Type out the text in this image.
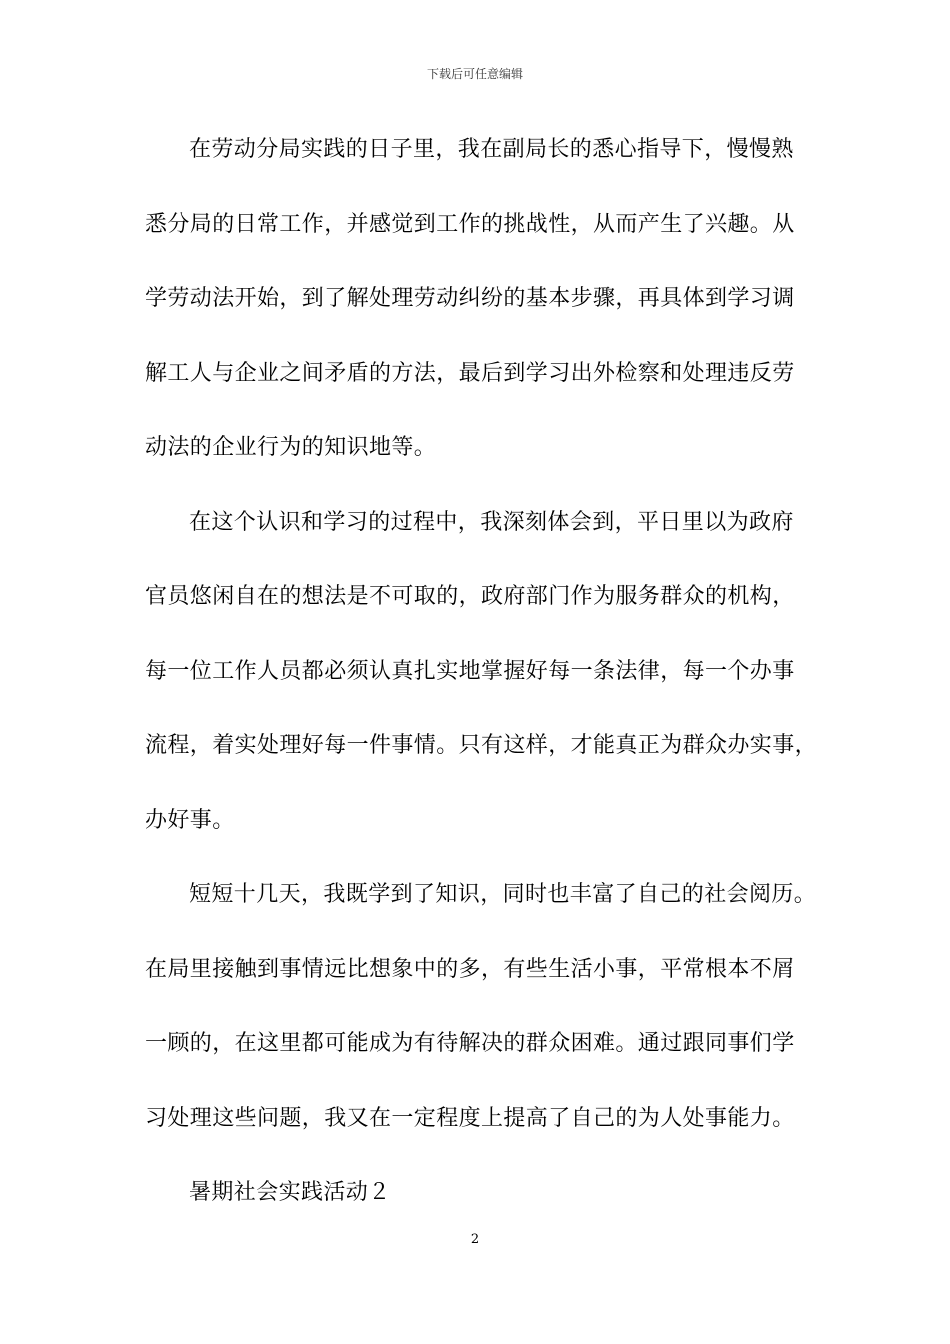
下载后可任意编辑
在劳动分局实践的日子里，我在副局长的悉心指导下，慢慢熟
悉分局的日常工作，并感觉到工作的挑战性，从而产生了兴趣。从
学劳动法开始，到了解处理劳动纠纷的基本步骤，再具体到学习调
解工人与企业之间矛盾的方法，最后到学习出外检察和处理违反劳
动法的企业行为的知识地等。
在这个认识和学习的过程中，我深刻体会到，平日里以为政府
官员悠闲自在的想法是不可取的，政府部门作为服务群众的机构，
每一位工作人员都必须认真扎实地掌握好每一条法律，每一个办事
流程，着实处理好每一件事情。只有这样，才能真正为群众办实事，
办好事。
短短十几天，我既学到了知识，同时也丰富了自己的社会阅历。
在局里接触到事情远比想象中的多，有些生活小事，平常根本不屑
一顾的，在这里都可能成为有待解决的群众困难。通过跟同事们学
习处理这些问题，我又在一定程度上提高了自己的为人处事能力。
暑期社会实践活动２
2
